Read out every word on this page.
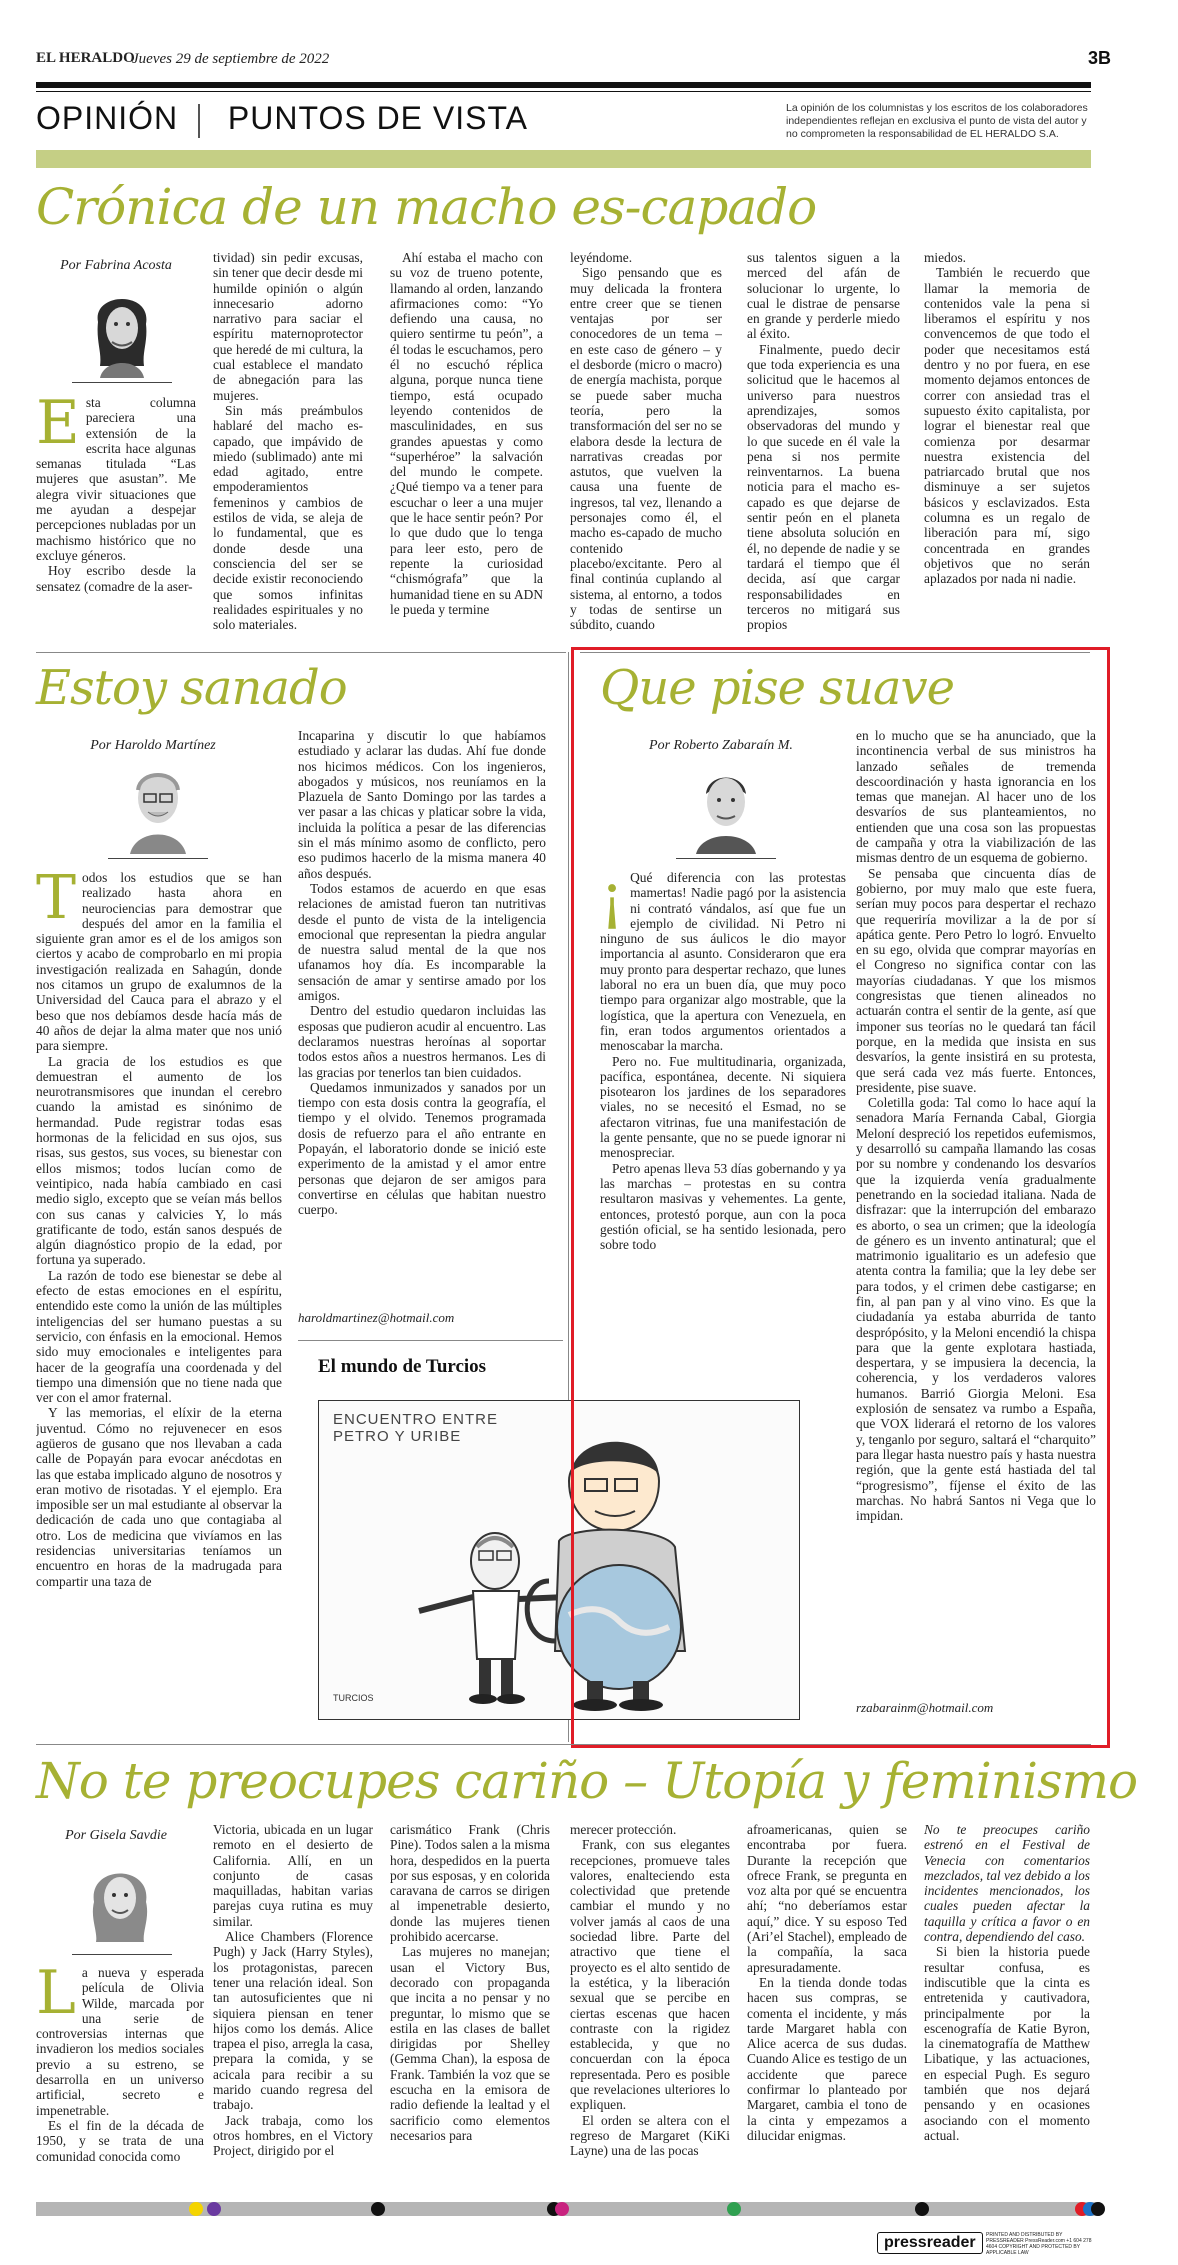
EL HERALDO
Jueves 29 de septiembre de 2022	3B
OPINIÓN PUNTOS DE VISTA	La opinión de los columnistas y los escritos de los colaboradores independientes reflejan en exclusiva el punto de vista del autor y no comprometen la responsabilidad de EL HERALDO S.A.
Crónica de un macho es-capado
Por Fabrina Acosta
E sta columna pareciera una extensión de la escrita hace algunas semanas titulada “Las mujeres que asustan”. Me alegra vivir situaciones que me ayudan a despejar percepciones nubladas por un machismo histórico que no excluye géneros.

Hoy escribo desde la sensatez (comadre de la aser-

tividad) sin pedir excusas, sin tener que decir desde mi humilde opinión o algún innecesario adorno narrativo para saciar el espíritu maternoprotector que heredé de mi cultura, la cual establece el mandato de abnegación para las mujeres.

Sin más preámbulos hablaré del macho es-capado, que impávido de miedo (sublimado) ante mi edad agitado, entre empoderamientos femeninos y cambios de estilos de vida, se aleja de lo fundamental, que es donde desde una consciencia del ser se decide existir reconociendo que somos infinitas realidades espirituales y no solo materiales.

Ahí estaba el macho con su voz de trueno potente, llamando al orden, lanzando afirmaciones como: “Yo defiendo una causa, no quiero sentirme tu peón”, a él todas le escuchamos, pero él no escuchó réplica alguna, porque nunca tiene tiempo, está ocupado leyendo contenidos de masculinidades, en sus grandes apuestas y como “superhéroe” la salvación del mundo le compete. ¿Qué tiempo va a tener para escuchar o leer a una mujer que le hace sentir peón? Por lo que dudo que lo tenga para leer esto, pero de repente la curiosidad “chismógrafa” que la humanidad tiene en su ADN le pueda y termine

leyéndome.

Sigo pensando que es muy delicada la frontera entre creer que se tienen ventajas por ser conocedores de un tema – en este caso de género – y el desborde (micro o macro) de energía machista, porque se puede saber mucha teoría, pero la transformación del ser no se elabora desde la lectura de narrativas creadas por astutos, que vuelven la causa una fuente de ingresos, tal vez, llenando a personajes como él, el macho es-capado de mucho contenido placebo/excitante. Pero al final continúa cuplando al sistema, al entorno, a todos y todas de sentirse un súbdito, cuando

sus talentos siguen a la merced del afán de solucionar lo urgente, lo cual le distrae de pensarse en grande y perderle miedo al éxito.

Finalmente, puedo decir que toda experiencia es una solicitud que le hacemos al universo para nuestros aprendizajes, somos observadoras del mundo y lo que sucede en él vale la pena si nos permite reinventarnos. La buena noticia para el macho es-capado es que dejarse de sentir peón en el planeta tiene absoluta solución en él, no depende de nadie y se tardará el tiempo que él decida, así que cargar responsabilidades en terceros no mitigará sus propios

miedos.

También le recuerdo que llamar la memoria de contenidos vale la pena si liberamos el espíritu y nos convencemos de que todo el poder que necesitamos está dentro y no por fuera, en ese momento dejamos entonces de correr con ansiedad tras el supuesto éxito capitalista, por lograr el bienestar real que comienza por desarmar nuestra existencia del patriarcado brutal que nos disminuye a ser sujetos básicos y esclavizados. Esta columna es un regalo de liberación para mí, sigo concentrada en grandes objetivos que no serán aplazados por nada ni nadie.

Estoy sanado
Por Haroldo Martínez
T odos los estudios que se han realizado hasta ahora en neurociencias para demostrar que después del amor en la familia el siguiente gran amor es el de los amigos son ciertos y acabo de comprobarlo en mi propia investigación realizada en Sahagún, donde nos citamos un grupo de exalumnos de la Universidad del Cauca para el abrazo y el beso que nos debíamos desde hacía más de 40 años de dejar la alma mater que nos unió para siempre.

La gracia de los estudios es que demuestran el aumento de los neurotransmisores que inundan el cerebro cuando la amistad es sinónimo de hermandad. Pude registrar todas esas hormonas de la felicidad en sus ojos, sus risas, sus gestos, sus voces, su bienestar con ellos mismos; todos lucían como de veintipico, nada había cambiado en casi medio siglo, excepto que se veían más bellos con sus canas y calvicies Y, lo más gratificante de todo, están sanos después de algún diagnóstico propio de la edad, por fortuna ya superado.

La razón de todo ese bienestar se debe al efecto de estas emociones en el espíritu, entendido este como la unión de las múltiples inteligencias del ser humano puestas a su servicio, con énfasis en la emocional. Hemos sido muy emocionales e inteligentes para hacer de la geografía una coordenada y del tiempo una dimensión que no tiene nada que ver con el amor fraternal.

Y las memorias, el elíxir de la eterna juventud. Cómo no rejuvenecer en esos agüeros de gusano que nos llevaban a cada calle de Popayán para evocar anécdotas en las que estaba implicado alguno de nosotros y eran motivo de risotadas. Y el ejemplo. Era imposible ser un mal estudiante al observar la dedicación de cada uno que contagiaba al otro. Los de medicina que vivíamos en las residencias universitarias teníamos un encuentro en horas de la madrugada para compartir una taza de

Incaparina y discutir lo que habíamos estudiado y aclarar las dudas. Ahí fue donde nos hicimos médicos. Con los ingenieros, abogados y músicos, nos reuníamos en la Plazuela de Santo Domingo por las tardes a ver pasar a las chicas y platicar sobre la vida, incluida la política a pesar de las diferencias sin el más mínimo asomo de conflicto, pero eso pudimos hacerlo de la misma manera 40 años después.

Todos estamos de acuerdo en que esas relaciones de amistad fueron tan nutritivas desde el punto de vista de la inteligencia emocional que representan la piedra angular de nuestra salud mental de la que nos ufanamos hoy día. Es incomparable la sensación de amar y sentirse amado por los amigos.

Dentro del estudio quedaron incluidas las esposas que pudieron acudir al encuentro. Las declaramos nuestras heroínas al soportar todos estos años a nuestros hermanos. Les di las gracias por tenerlos tan bien cuidados.

Quedamos inmunizados y sanados por un tiempo con esta dosis contra la geografía, el tiempo y el olvido. Tenemos programada dosis de refuerzo para el año entrante en Popayán, el laboratorio donde se inició este experimento de la amistad y el amor entre personas que dejaron de ser amigos para convertirse en células que habitan nuestro cuerpo.

haroldmartinez@hotmail.com
El mundo de Turcios
ENCUENTRO ENTRE PETRO Y URIBE
TURCIOS
Que pise suave
Por Roberto Zabaraín M.
¡ Qué diferencia con las protestas mamertas! Nadie pagó por la asistencia ni contrató vándalos, así que fue un ejemplo de civilidad. Ni Petro ni ninguno de sus áulicos le dio mayor importancia al asunto. Consideraron que era muy pronto para despertar rechazo, que lunes laboral no era un buen día, que muy poco tiempo para organizar algo mostrable, que la logística, que la apertura con Venezuela, en fin, eran todos argumentos orientados a menoscabar la marcha.

Pero no. Fue multitudinaria, organizada, pacífica, espontánea, decente. Ni siquiera pisotearon los jardines de los separadores viales, no se necesitó el Esmad, no se afectaron vitrinas, fue una manifestación de la gente pensante, que no se puede ignorar ni menospreciar.

Petro apenas lleva 53 días gobernando y ya las marchas – protestas en su contra resultaron masivas y vehementes. La gente, entonces, protestó porque, aun con la poca gestión oficial, se ha sentido lesionada, pero sobre todo

en lo mucho que se ha anunciado, que la incontinencia verbal de sus ministros ha lanzado señales de tremenda descoordinación y hasta ignorancia en los temas que manejan. Al hacer uno de los desvaríos de sus planteamientos, no entienden que una cosa son las propuestas de campaña y otra la viabilización de las mismas dentro de un esquema de gobierno.

Se pensaba que cincuenta días de gobierno, por muy malo que este fuera, serían muy pocos para despertar el rechazo que requeriría movilizar a la de por sí apática gente. Pero Petro lo logró. Envuelto en su ego, olvida que comprar mayorías en el Congreso no significa contar con las mayorías ciudadanas. Y que los mismos congresistas que tienen alineados no actuarán contra el sentir de la gente, así que imponer sus teorías no le quedará tan fácil porque, en la medida que insista en sus desvaríos, la gente insistirá en su protesta, que será cada vez más fuerte. Entonces, presidente, pise suave.

Coletilla goda: Tal como lo hace aquí la senadora María Fernanda Cabal, Giorgia Meloní despreció los repetidos eufemismos, y desarrolló su campaña llamando las cosas por su nombre y condenando los desvaríos que la izquierda venía gradualmente penetrando en la sociedad italiana. Nada de disfrazar: que la interrupción del embarazo es aborto, o sea un crimen; que la ideología de género es un invento antinatural; que el matrimonio igualitario es un adefesio que atenta contra la familia; que la ley debe ser para todos, y el crimen debe castigarse; en fin, al pan pan y al vino vino. Es que la ciudadanía ya estaba aburrida de tanto desprópósito, y la Meloni encendió la chispa para que la gente explotara hastiada, despertara, y se impusiera la decencia, la coherencia, y los verdaderos valores humanos. Barrió Giorgia Meloni. Esa explosión de sensatez va rumbo a España, que VOX liderará el retorno de los valores y, tenganlo por seguro, saltará el “charquito” para llegar hasta nuestro país y hasta nuestra región, que la gente está hastiada del tal “progresismo”, fíjense el éxito de las marchas. No habrá Santos ni Vega que lo impidan.

rzabarainm@hotmail.com
No te preocupes cariño – Utopía y feminismo
Por Gisela Savdie
L a nueva y esperada película de Olivia Wilde, marcada por una serie de controversias internas que invadieron los medios sociales previo a su estreno, se desarrolla en un universo artificial, secreto e impenetrable.

Es el fin de la década de 1950, y se trata de una comunidad conocida como

Victoria, ubicada en un lugar remoto en el desierto de California. Allí, en un conjunto de casas maquilladas, habitan varias parejas cuya rutina es muy similar.

Alice Chambers (Florence Pugh) y Jack (Harry Styles), los protagonistas, parecen tener una relación ideal. Son tan autosuficientes que ni siquiera piensan en tener hijos como los demás. Alice trapea el piso, arregla la casa, prepara la comida, y se acicala para recibir a su marido cuando regresa del trabajo.

Jack trabaja, como los otros hombres, en el Victory Project, dirigido por el

carismático Frank (Chris Pine). Todos salen a la misma hora, despedidos en la puerta por sus esposas, y en colorida caravana de carros se dirigen al impenetrable desierto, donde las mujeres tienen prohibido acercarse.

Las mujeres no manejan; usan el Victory Bus, decorado con propaganda que incita a no pensar y no preguntar, lo mismo que se estila en las clases de ballet dirigidas por Shelley (Gemma Chan), la esposa de Frank. También la voz que se escucha en la emisora de radio defiende la lealtad y el sacrificio como elementos necesarios para

merecer protección.

Frank, con sus elegantes recepciones, promueve tales valores, enalteciendo esta colectividad que pretende cambiar el mundo y no volver jamás al caos de una sociedad libre. Parte del atractivo que tiene el proyecto es el alto sentido de la estética, y la liberación sexual que se percibe en ciertas escenas que hacen contraste con la rigidez establecida, y que no concuerdan con la época representada. Pero es posible que revelaciones ulteriores lo expliquen.

El orden se altera con el regreso de Margaret (KiKi Layne) una de las pocas

afroamericanas, quien se encontraba por fuera. Durante la recepción que ofrece Frank, se pregunta en voz alta por qué se encuentra ahí; “no deberíamos estar aquí,” dice. Y su esposo Ted (Ari’el Stachel), empleado de la compañía, la saca apresuradamente.

En la tienda donde todas hacen sus compras, se comenta el incidente, y más tarde Margaret habla con Alice acerca de sus dudas. Cuando Alice es testigo de un accidente que parece confirmar lo planteado por Margaret, cambia el tono de la cinta y empezamos a dilucidar enigmas.

No te preocupes cariño estrenó en el Festival de Venecia con comentarios mezclados, tal vez debido a los incidentes mencionados, los cuales pueden afectar la taquilla y crítica a favor o en contra, dependiendo del caso.

Si bien la historia puede resultar confusa, es indiscutible que la cinta es entretenida y cautivadora, principalmente por la escenografía de Katie Byron, la cinematografía de Matthew Libatique, y las actuaciones, en especial Pugh. Es seguro también que nos dejará pensando y en ocasiones asociando con el momento actual.

pressreader	PRINTED AND DISTRIBUTED BY PRESSREADER PressReader.com +1 604 278 4604 COPYRIGHT AND PROTECTED BY APPLICABLE LAW
